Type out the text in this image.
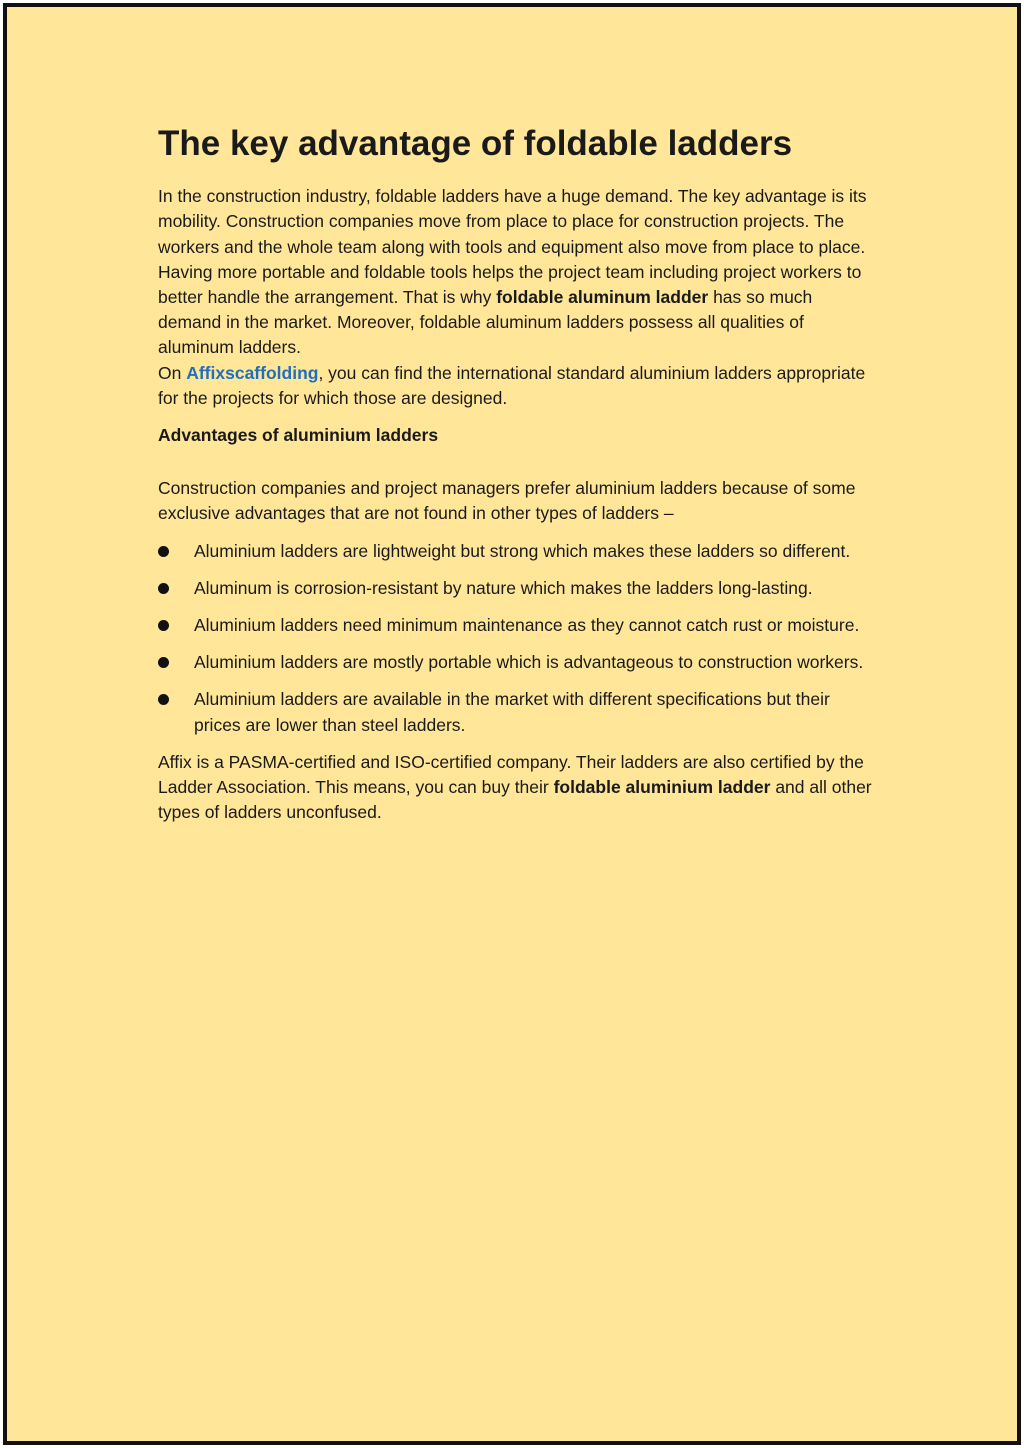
The key advantage of foldable ladders

In the construction industry, foldable ladders have a huge demand. The key advantage is its mobility. Construction companies move from place to place for construction projects. The workers and the whole team along with tools and equipment also move from place to place. Having more portable and foldable tools helps the project team including project workers to better handle the arrangement. That is why foldable aluminum ladder has so much demand in the market. Moreover, foldable aluminum ladders possess all qualities of aluminum ladders.
On Affixscaffolding, you can find the international standard aluminium ladders appropriate for the projects for which those are designed.

Advantages of aluminium ladders

Construction companies and project managers prefer aluminium ladders because of some exclusive advantages that are not found in other types of ladders –

Aluminium ladders are lightweight but strong which makes these ladders so different.
Aluminum is corrosion-resistant by nature which makes the ladders long-lasting.
Aluminium ladders need minimum maintenance as they cannot catch rust or moisture.
Aluminium ladders are mostly portable which is advantageous to construction workers.
Aluminium ladders are available in the market with different specifications but their prices are lower than steel ladders.

Affix is a PASMA-certified and ISO-certified company. Their ladders are also certified by the Ladder Association. This means, you can buy their foldable aluminium ladder and all other types of ladders unconfused.
